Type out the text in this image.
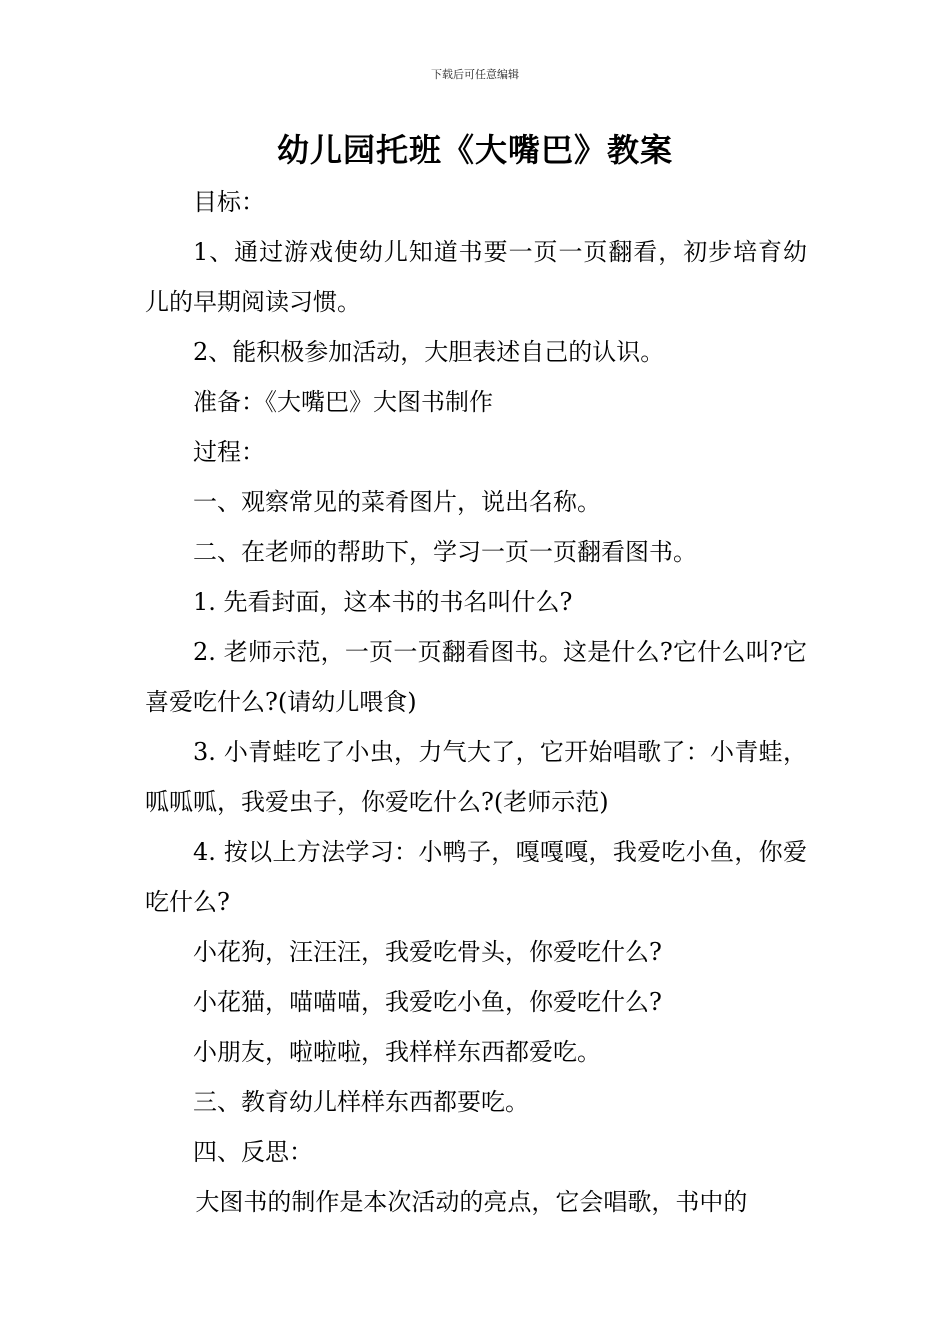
下载后可任意编辑
幼儿园托班《大嘴巴》教案

目标：

1、通过游戏使幼儿知道书要一页一页翻看，初步培育幼儿的早期阅读习惯。

2、能积极参加活动，大胆表述自己的认识。

准备：《大嘴巴》大图书制作

过程：

一、观察常见的菜肴图片，说出名称。

二、在老师的帮助下，学习一页一页翻看图书。

1. 先看封面，这本书的书名叫什么?

2. 老师示范，一页一页翻看图书。这是什么?它什么叫?它喜爱吃什么?(请幼儿喂食)

3. 小青蛙吃了小虫，力气大了，它开始唱歌了：小青蛙，呱呱呱，我爱虫子，你爱吃什么?(老师示范)

4. 按以上方法学习：小鸭子，嘎嘎嘎，我爱吃小鱼，你爱吃什么?

小花狗，汪汪汪，我爱吃骨头，你爱吃什么?

小花猫，喵喵喵，我爱吃小鱼，你爱吃什么?

小朋友，啦啦啦，我样样东西都爱吃。

三、教育幼儿样样东西都要吃。

四、反思：

大图书的制作是本次活动的亮点，它会唱歌，书中的
